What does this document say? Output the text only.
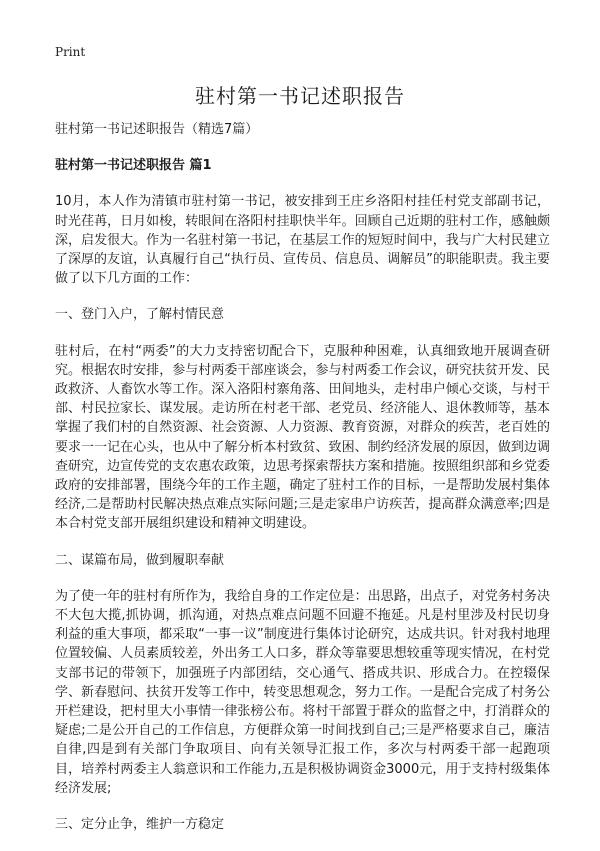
Print
驻村第一书记述职报告

驻村第一书记述职报告（精选7篇）

驻村第一书记述职报告 篇1

10月，本人作为清镇市驻村第一书记，被安排到王庄乡洛阳村挂任村党支部副书记，时光荏苒，日月如梭，转眼间在洛阳村挂职快半年。回顾自己近期的驻村工作，感触颇深，启发很大。作为一名驻村第一书记，在基层工作的短短时间中，我与广大村民建立了深厚的友谊，认真履行自己“执行员、宣传员、信息员、调解员”的职能职责。我主要做了以下几方面的工作：

一、登门入户，了解村情民意

驻村后，在村“两委”的大力支持密切配合下，克服种种困难，认真细致地开展调查研究。根据农时安排，参与村两委干部座谈会，参与村两委工作会议，研究扶贫开发、民政救济、人畜饮水等工作。深入洛阳村寨角落、田间地头，走村串户倾心交谈，与村干部、村民拉家长、谋发展。走访所在村老干部、老党员、经济能人、退休教师等，基本掌握了我们村的自然资源、社会资源、人力资源、教育资源，对群众的疾苦，老百姓的要求一一记在心头，也从中了解分析本村致贫、致困、制约经济发展的原因，做到边调查研究，边宣传党的支农惠农政策，边思考探索帮扶方案和措施。按照组织部和乡党委政府的安排部署，围绕今年的工作主题，确定了驻村工作的目标，一是帮助发展村集体经济,二是帮助村民解决热点难点实际问题;三是走家串户访疾苦，提高群众满意率;四是本合村党支部开展组织建设和精神文明建设。

二、谋篇布局，做到履职奉献

为了使一年的驻村有所作为，我给自身的工作定位是：出思路，出点子，对党务村务决不大包大揽,抓协调，抓沟通，对热点难点问题不回避不拖延。凡是村里涉及村民切身利益的重大事项，都采取“一事一议”制度进行集体讨论研究，达成共识。针对我村地理位置较偏、人员素质较差，外出务工人口多，群众等靠要思想较重等现实情况，在村党支部书记的带领下，加强班子内部团结，交心通气、搭成共识、形成合力。在控辍保学、新春慰问、扶贫开发等工作中，转变思想观念，努力工作。一是配合完成了村务公开栏建设，把村里大小事情一律张榜公布。将村干部置于群众的监督之中，打消群众的疑虑;二是公开自己的工作信息，方便群众第一时间找到自己;三是严格要求自己，廉洁自律,四是到有关部门争取项目、向有关领导汇报工作，多次与村两委干部一起跑项目，培养村两委主人翁意识和工作能力,五是积极协调资金3000元，用于支持村级集体经济发展;

三、定分止争，维护一方稳定
